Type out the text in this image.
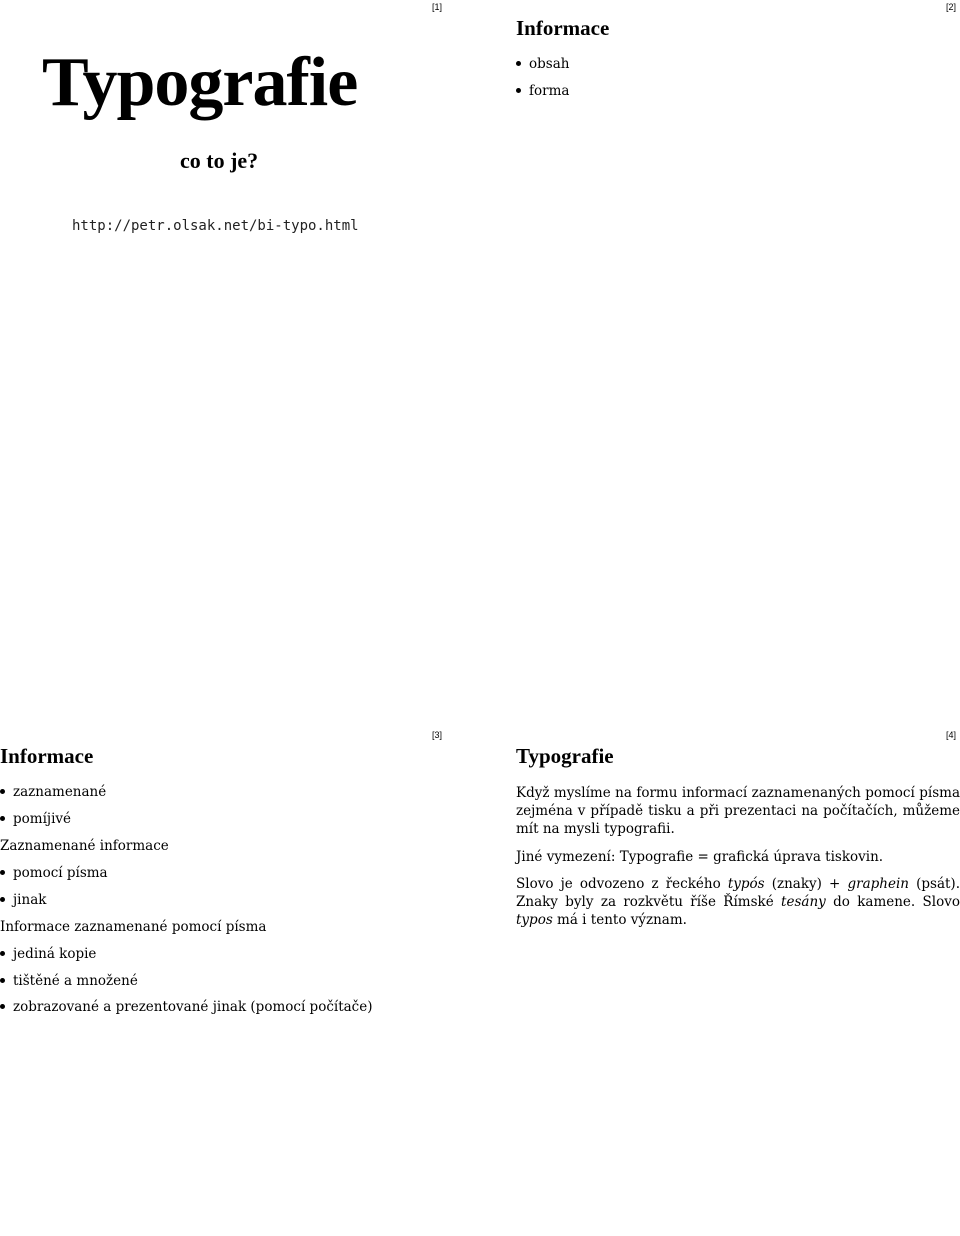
[1]
Typografie
co to je?
http://petr.olsak.net/bi-typo.html
[2]
Informace
obsah
forma
[3]
Informace
zaznamenané
pomíjivé
Zaznamenané informace
pomocí písma
jinak
Informace zaznamenané pomocí písma
jediná kopie
tištěné a množené
zobrazované a prezentované jinak (pomocí počítače)
[4]
Typografie
Když myslíme na formu informací zaznamenaných pomocí písma zejména v případě tisku a při prezentaci na počítačích, můžeme mít na mysli typografii.
Jiné vymezení: Typografie = grafická úprava tiskovin.
Slovo je odvozeno z řeckého typós (znaky) + graphein (psát). Znaky byly za rozkvětu říše Římské tesány do kamene. Slovo typos má i tento význam.
